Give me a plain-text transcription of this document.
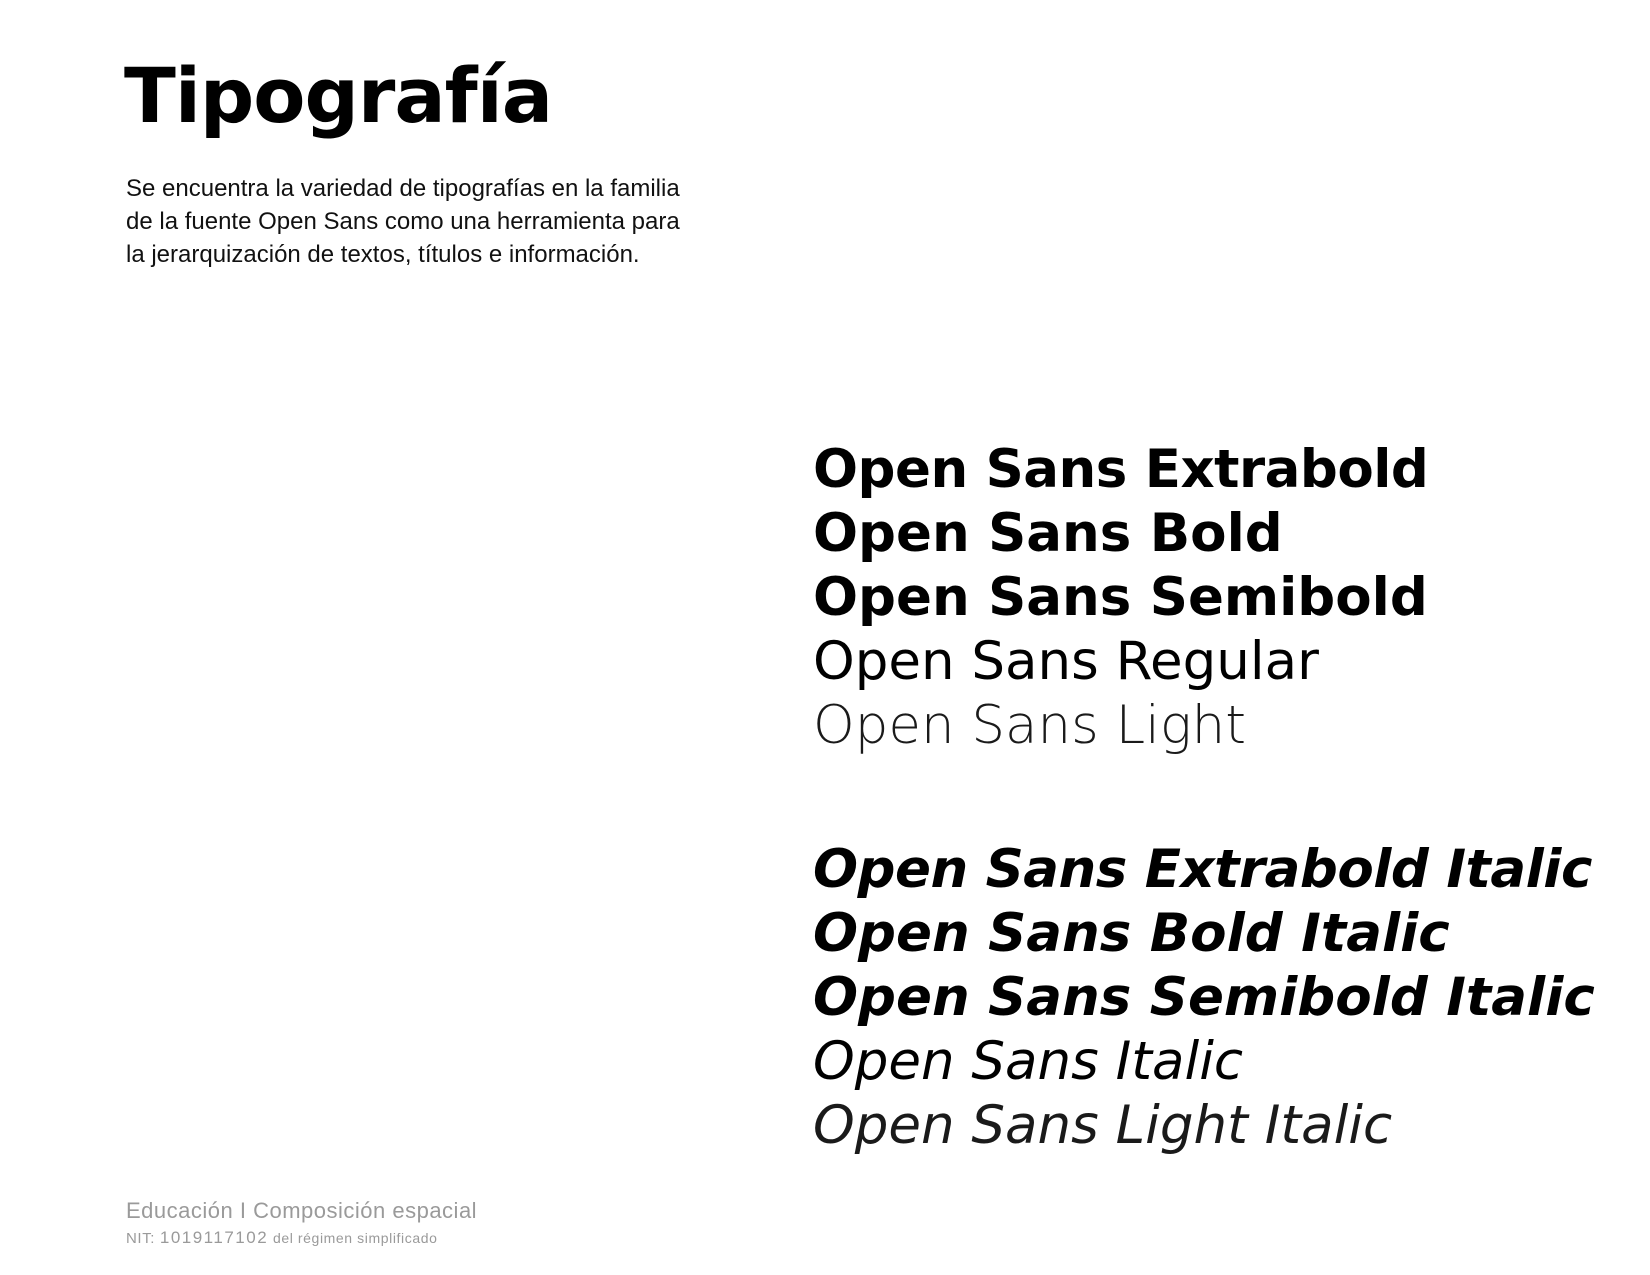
Tipografía
Se encuentra la variedad de tipografías en la familia
de la fuente Open Sans como una herramienta para
la jerarquización de textos, títulos e información.
Open Sans Extrabold
Open Sans Bold
Open Sans Semibold
Open Sans Regular
Open Sans Light
Open Sans Extrabold Italic
Open Sans Bold Italic
Open Sans Semibold Italic
Open Sans Italic
Open Sans Light Italic
Educación I Composición espacial
NIT: 1019117102 del régimen simplificado
